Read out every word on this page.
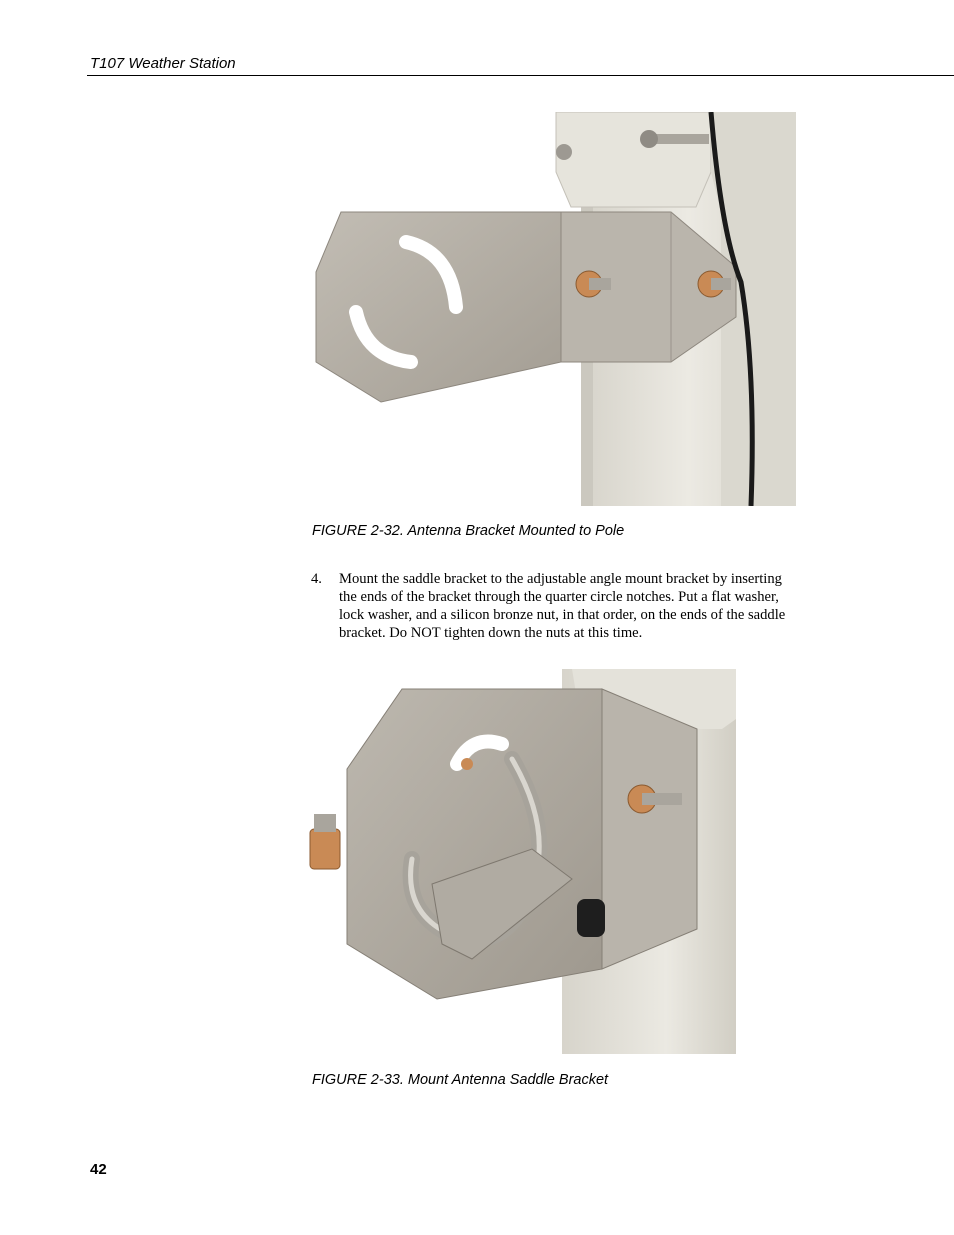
T107 Weather Station
FIGURE 2-32. Antenna Bracket Mounted to Pole
4. Mount the saddle bracket to the adjustable angle mount bracket by inserting the ends of the bracket through the quarter circle notches. Put a flat washer, lock washer, and a silicon bronze nut, in that order, on the ends of the saddle bracket. Do NOT tighten down the nuts at this time.
FIGURE 2-33. Mount Antenna Saddle Bracket
42
